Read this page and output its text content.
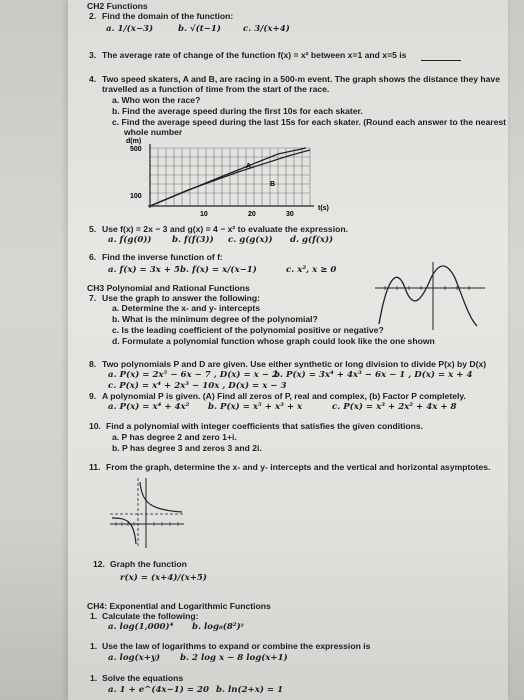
CH2 Functions
2. Find the domain of the function:
a. 1/(x−3)	b. √(t−1)	c. 3/(x+4)
3. The average rate of change of the function f(x) = x² between x=1 and x=5 is
4. Two speed skaters, A and B, are racing in a 500-m event. The graph shows the distance they have
travelled as a function of time from the start of the race.
a. Who won the race?
b. Find the average speed during the first 10s for each skater.
c. Find the average speed during the last 15s for each skater. (Round each answer to the nearest
whole number
d(m)
500
100
A
B
10	20	30
t(s)
5. Use f(x) = 2x − 3 and g(x) = 4 − x² to evaluate the expression.
a. f(g(0)) b. f(f(3)) c. g(g(x)) d. g(f(x))
6. Find the inverse function of f:
a. f(x) = 3x + 5 b. f(x) = x/(x−1)	c. x², x ≥ 0
CH3 Polynomial and Rational Functions
7. Use the graph to answer the following:
a. Determine the x- and y- intercepts
b. What is the minimum degree of the polynomial?
c. Is the leading coefficient of the polynomial positive or negative?
d. Formulate a polynomial function whose graph could look like the one shown
8. Two polynomials P and D are given. Use either synthetic or long division to divide P(x) by D(x)
a. P(x) = 2x⁵ − 6x − 7 , D(x) = x − 2
b. P(x) = 3x⁴ + 4x³ − 6x − 1 , D(x) = x + 4
c. P(x) = x⁴ + 2x³ − 10x , D(x) = x − 3
9. A polynomial P is given. (A) Find all zeros of P, real and complex, (b) Factor P completely.
a. P(x) = x⁴ + 4x² b. P(x) = x⁵ + x³ + x	c. P(x) = x³ + 2x² + 4x + 8
10. Find a polynomial with integer coefficients that satisfies the given conditions.
a. P has degree 2 and zero 1+i.
b. P has degree 3 and zeros 3 and 2i.
11. From the graph, determine the x- and y- intercepts and the vertical and horizontal asymptotes.
12. Graph the function
r(x) = (x+4)/(x+5)
CH4: Exponential and Logarithmic Functions
1. Calculate the following:
a. log(1,000)⁴ b. log₈(8²)ʸ
1. Use the law of logarithms to expand or combine the expression is
a. log(x+y) b. 2 log x − 8 log(x+1)
1. Solve the equations
a. 1 + e^(4x−1) = 20 b. ln(2+x) = 1
